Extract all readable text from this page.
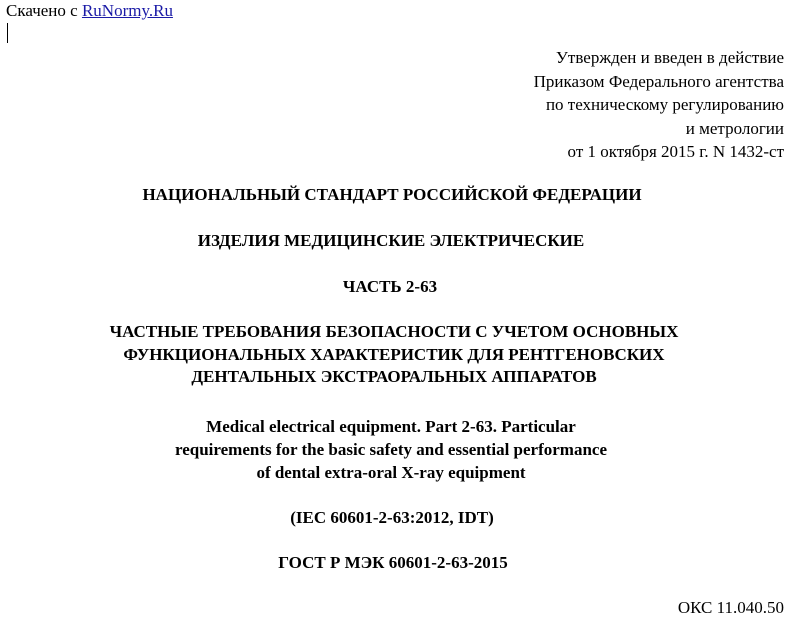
Скачено с RuNormy.Ru
Утвержден и введен в действие
Приказом Федерального агентства
по техническому регулированию
и метрологии
от 1 октября 2015 г. N 1432-ст
НАЦИОНАЛЬНЫЙ СТАНДАРТ РОССИЙСКОЙ ФЕДЕРАЦИИ
ИЗДЕЛИЯ МЕДИЦИНСКИЕ ЭЛЕКТРИЧЕСКИЕ
ЧАСТЬ 2-63
ЧАСТНЫЕ ТРЕБОВАНИЯ БЕЗОПАСНОСТИ С УЧЕТОМ ОСНОВНЫХ
ФУНКЦИОНАЛЬНЫХ ХАРАКТЕРИСТИК ДЛЯ РЕНТГЕНОВСКИХ
ДЕНТАЛЬНЫХ ЭКСТРАОРАЛЬНЫХ АППАРАТОВ
Medical electrical equipment. Part 2-63. Particular
requirements for the basic safety and essential performance
of dental extra-oral X-ray equipment
(IEC 60601-2-63:2012, IDT)
ГОСТ Р МЭК 60601-2-63-2015
ОКС 11.040.50
